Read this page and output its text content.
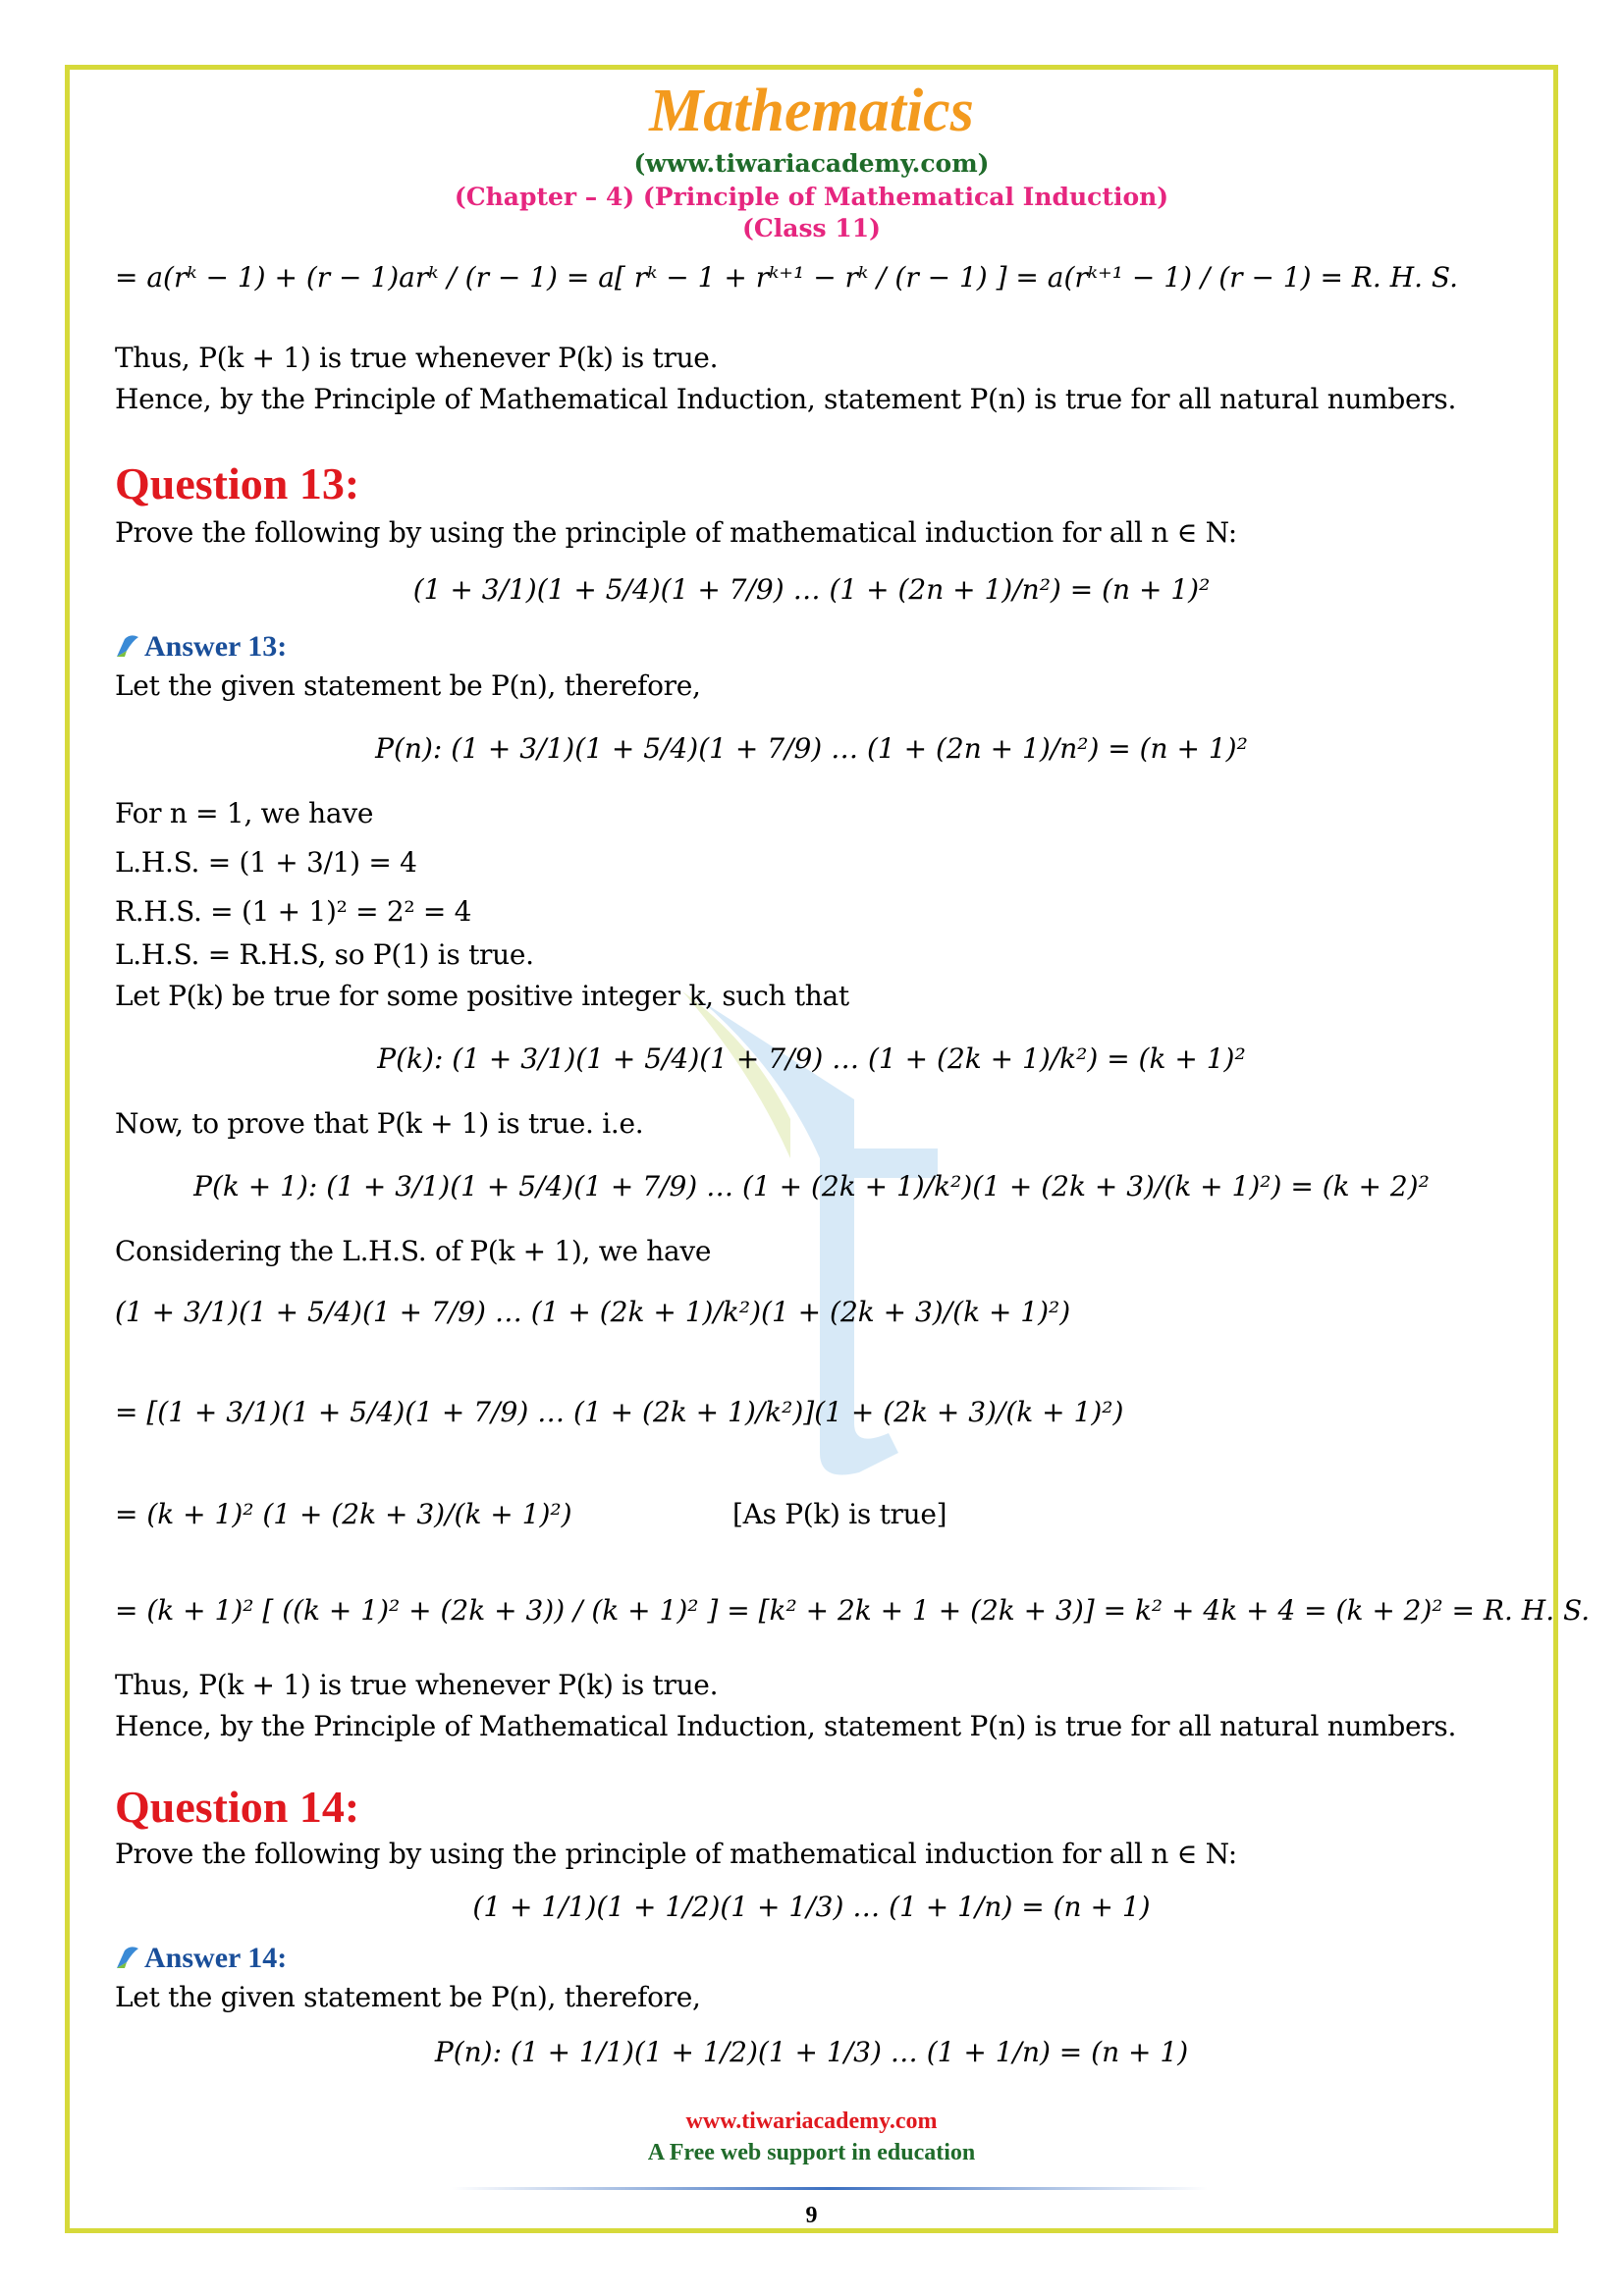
Mathematics
(www.tiwariacademy.com)
(Chapter – 4) (Principle of Mathematical Induction)
(Class 11)
= a(rᵏ − 1) + (r − 1)arᵏ / (r − 1) = a[ rᵏ − 1 + rᵏ⁺¹ − rᵏ / (r − 1) ] = a(rᵏ⁺¹ − 1) / (r − 1) = R. H. S.
Thus, P(k + 1) is true whenever P(k) is true.
Hence, by the Principle of Mathematical Induction, statement P(n) is true for all natural numbers.
Question 13:
Prove the following by using the principle of mathematical induction for all n ∈ N:
(1 + 3/1)(1 + 5/4)(1 + 7/9) … (1 + (2n + 1)/n²) = (n + 1)²
Answer 13:
Let the given statement be P(n), therefore,
P(n): (1 + 3/1)(1 + 5/4)(1 + 7/9) … (1 + (2n + 1)/n²) = (n + 1)²
For n = 1, we have
L.H.S. = (1 + 3/1) = 4
R.H.S. = (1 + 1)² = 2² = 4
L.H.S. = R.H.S, so P(1) is true.
Let P(k) be true for some positive integer k, such that
P(k): (1 + 3/1)(1 + 5/4)(1 + 7/9) … (1 + (2k + 1)/k²) = (k + 1)²
Now, to prove that P(k + 1) is true. i.e.
P(k + 1): (1 + 3/1)(1 + 5/4)(1 + 7/9) … (1 + (2k + 1)/k²)(1 + (2k + 3)/(k + 1)²) = (k + 2)²
Considering the L.H.S. of P(k + 1), we have
(1 + 3/1)(1 + 5/4)(1 + 7/9) … (1 + (2k + 1)/k²)(1 + (2k + 3)/(k + 1)²)
= [(1 + 3/1)(1 + 5/4)(1 + 7/9) … (1 + (2k + 1)/k²)](1 + (2k + 3)/(k + 1)²)
= (k + 1)² (1 + (2k + 3)/(k + 1)²)	[As P(k) is true]
= (k + 1)² [ ((k + 1)² + (2k + 3)) / (k + 1)² ] = [k² + 2k + 1 + (2k + 3)] = k² + 4k + 4 = (k + 2)² = R. H. S.
Thus, P(k + 1) is true whenever P(k) is true.
Hence, by the Principle of Mathematical Induction, statement P(n) is true for all natural numbers.
Question 14:
Prove the following by using the principle of mathematical induction for all n ∈ N:
(1 + 1/1)(1 + 1/2)(1 + 1/3) … (1 + 1/n) = (n + 1)
Answer 14:
Let the given statement be P(n), therefore,
P(n): (1 + 1/1)(1 + 1/2)(1 + 1/3) … (1 + 1/n) = (n + 1)
www.tiwariacademy.com
A Free web support in education
9
